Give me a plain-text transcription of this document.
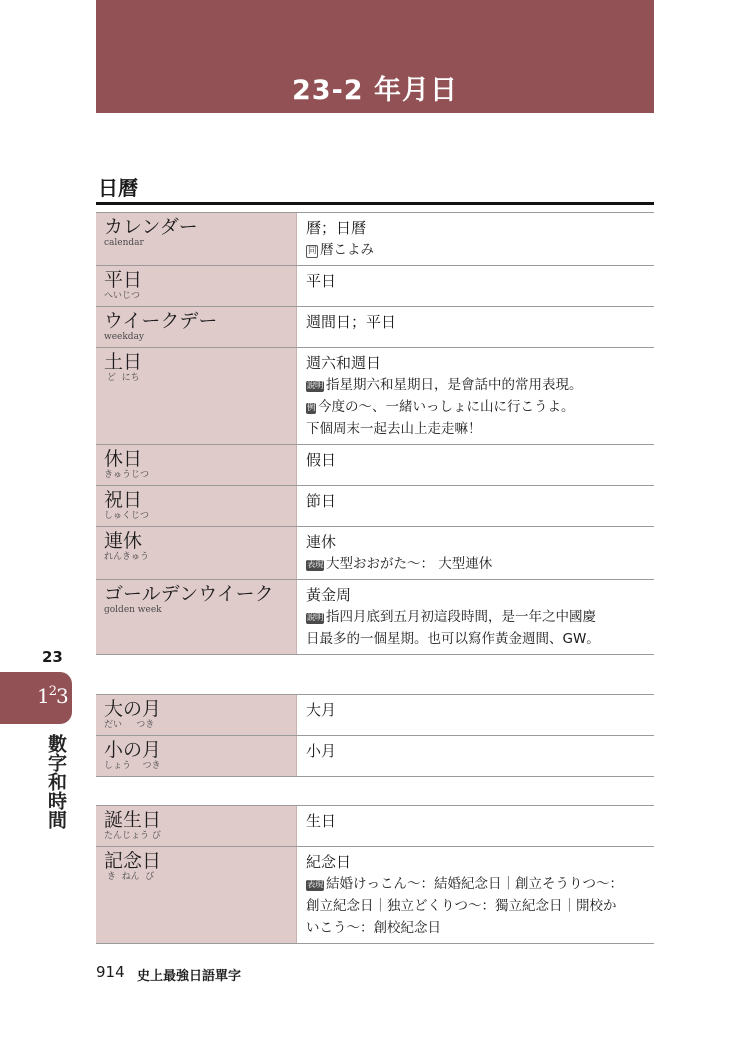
23-2 年月日
日曆
カレンダー
calendar
曆；日曆
同 暦こよみ
平日
へいじつ
平日
ウイークデー
weekday
週間日；平日
土日
ど  にち
週六和週日
說明 指星期六和星期日，是會話中的常用表現。
例 今度の～、一緒いっしょに山に行こうよ。
下個周末一起去山上走走嘛！
休日
きゅうじつ
假日
祝日
しゅくじつ
節日
連休
れんきゅう
連休
表現 大型おおがた～： 大型連休
ゴールデンウイーク
golden week
黃金周
說明 指四月底到五月初這段時間，是一年之中國慶
日最多的一個星期。也可以寫作黃金週間、GW。
大の月
だい     つき
大月
小の月
しょう    つき
小月
誕生日
たんじょう び
生日
記念日
き  ねん  び
紀念日
表現 結婚けっこん～：結婚紀念日｜創立そうりつ～：
創立紀念日｜独立どくりつ～：獨立紀念日｜開校か
いこう～：創校紀念日
23
$1^23$
數字和時間
914 史上最強日語單字
